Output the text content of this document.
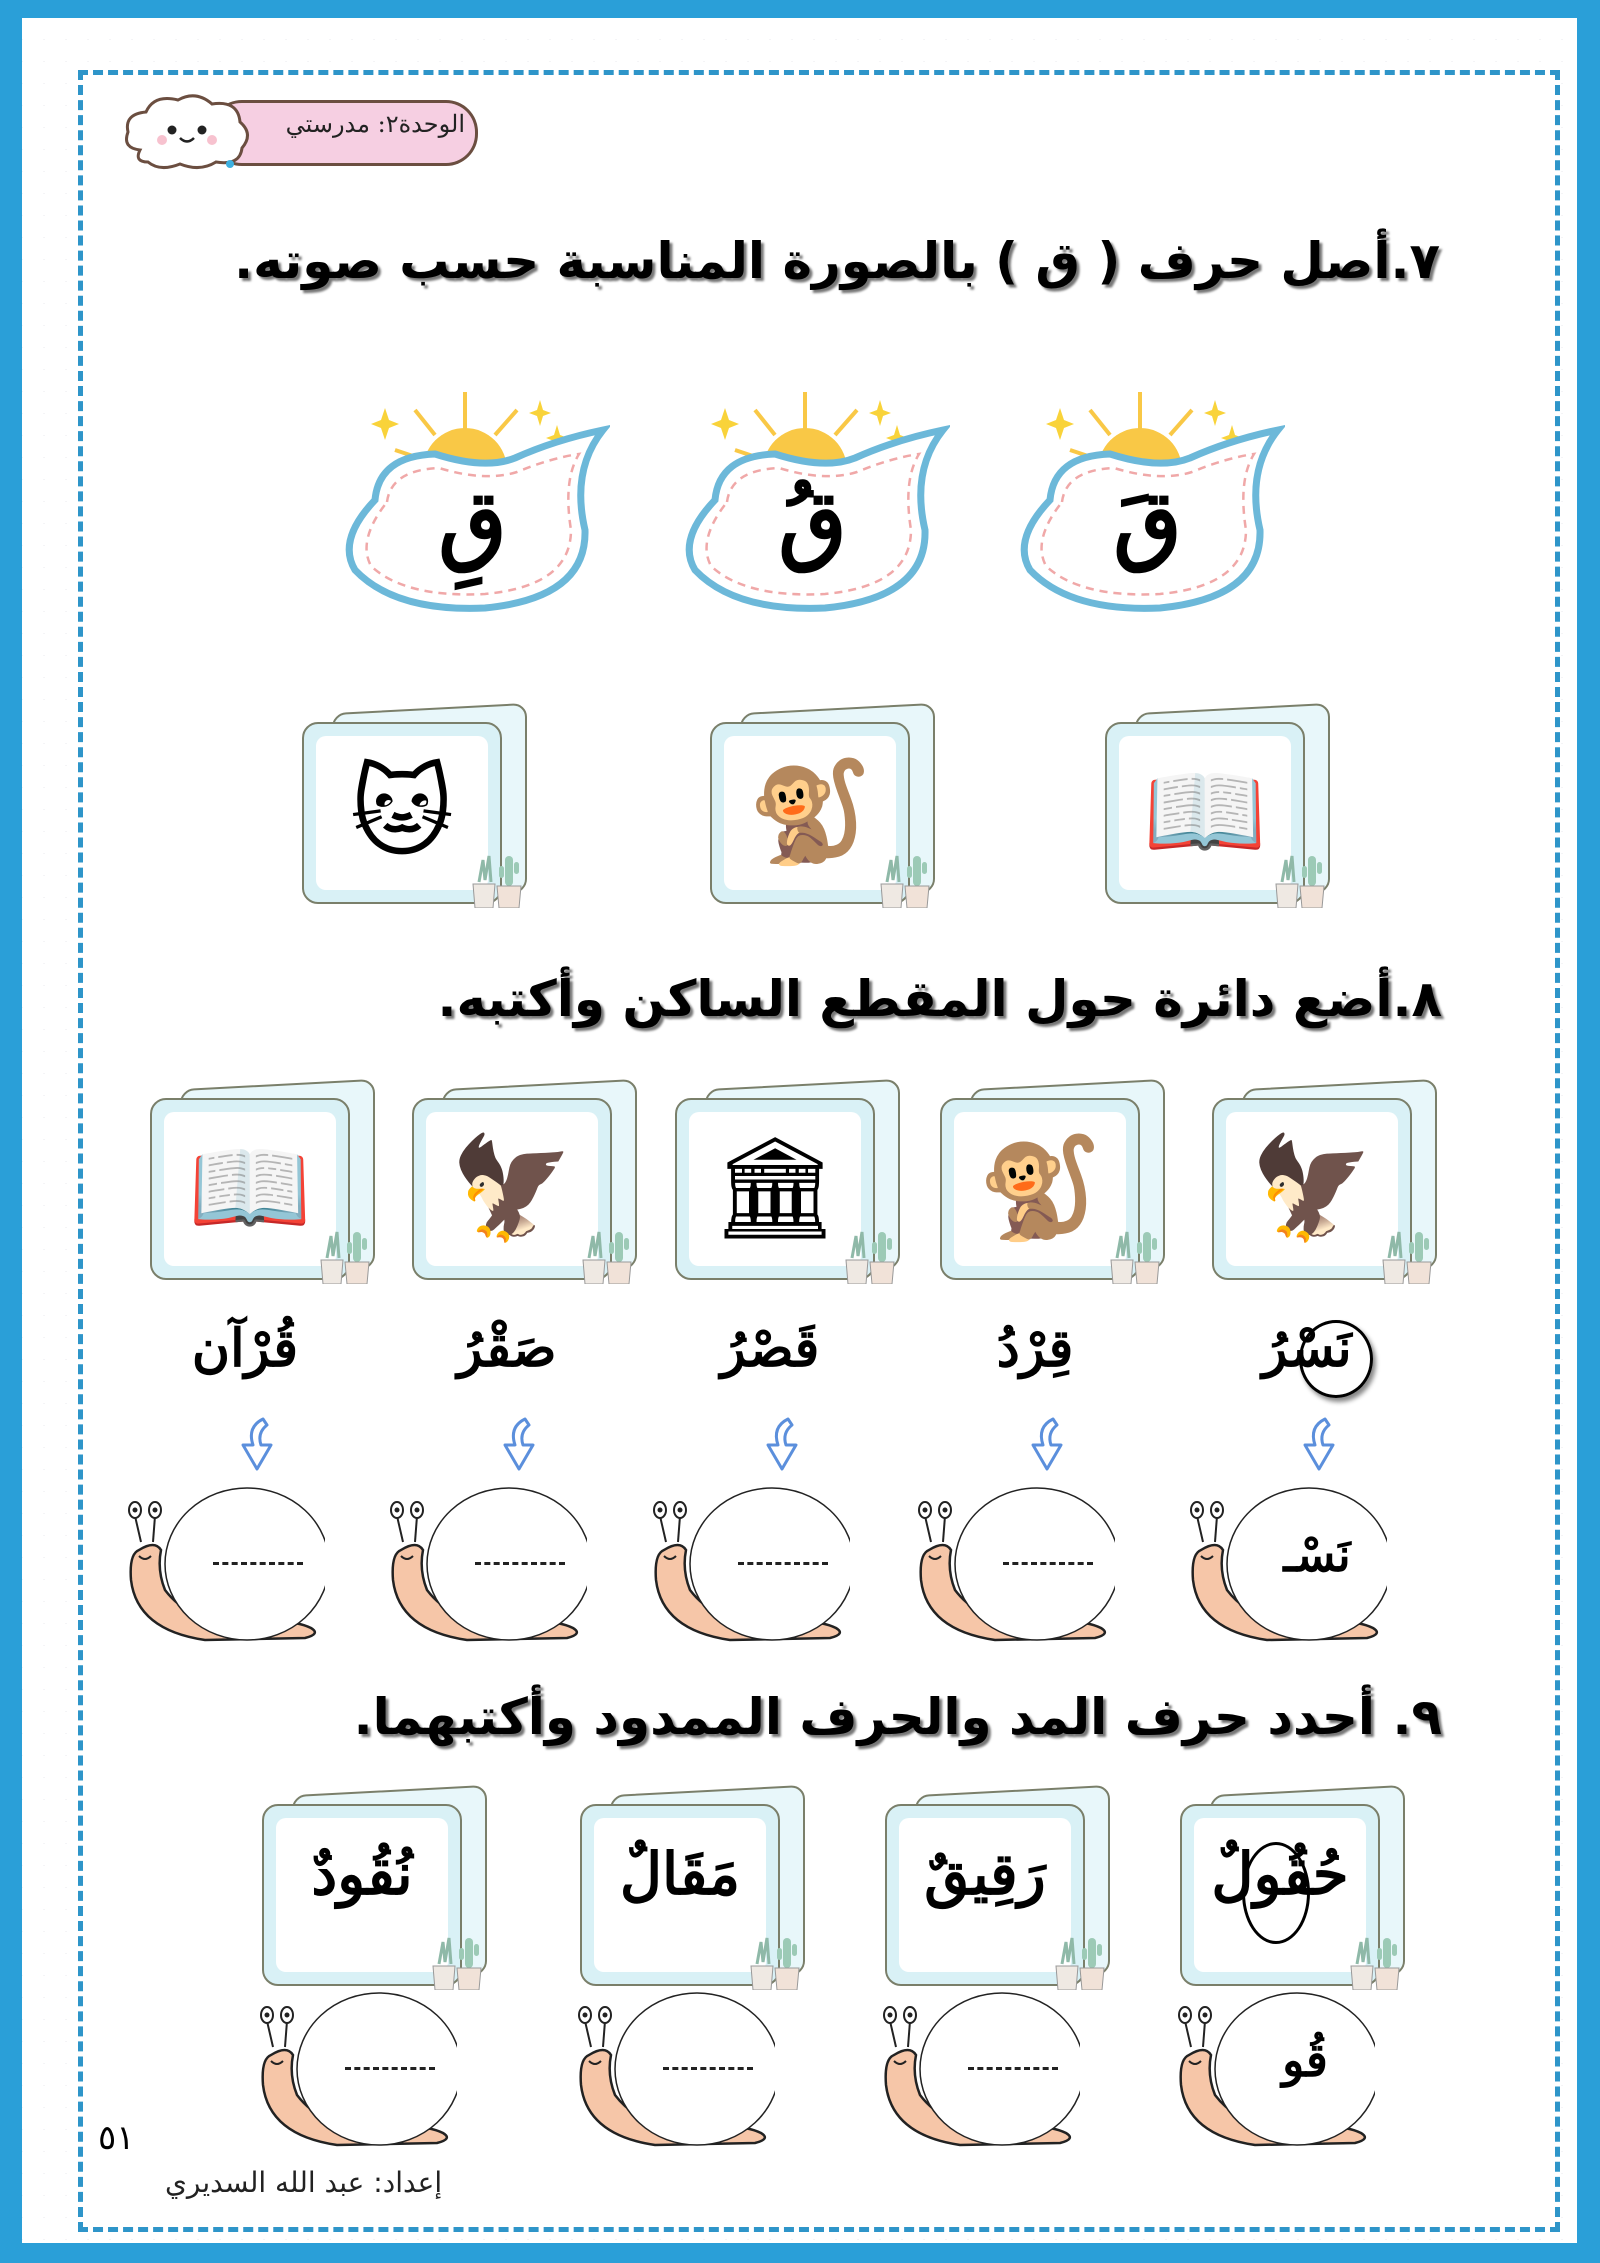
الوحدة٢: مدرستي
٧.أصل حرف ( ق ) بالصورة المناسبة حسب صوته.
قَ
قُ
قِ
📖
🐒
🐱
٨.أضع دائرة حول المقطع الساكن وأكتبه.
🦅
نَسْرُ
نَسْـ
🐒
قِرْدُ
🏛
قَصْرُ
🦅
صَقْرُ
📖
قُرْآن
٩. أحدد حرف المد والحرف الممدود وأكتبهما.
حُقُولٌ
قُو
رَقِيقٌ
مَقَالٌ
نُقُودٌ
٥١
إعداد: عبد الله السديري
